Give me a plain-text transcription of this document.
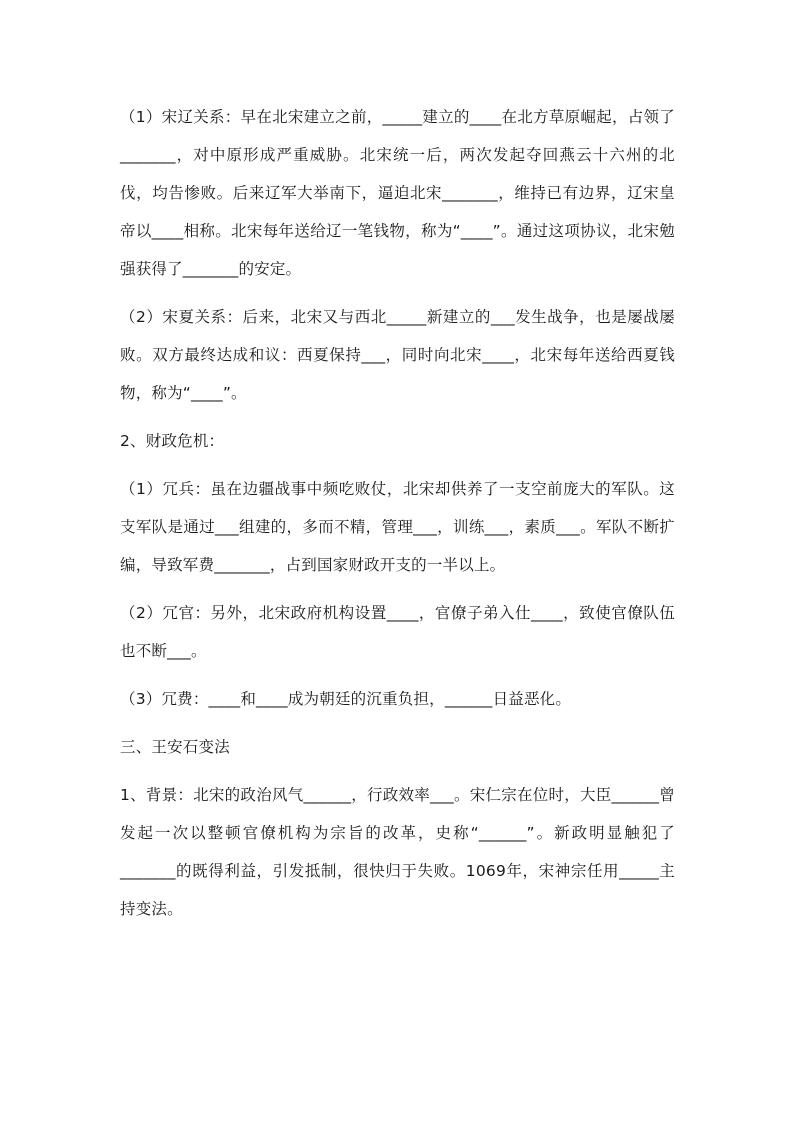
（1）宋辽关系：早在北宋建立之前，_____建立的____在北方草原崛起，占领了_______，对中原形成严重威胁。北宋统一后，两次发起夺回燕云十六州的北伐，均告惨败。后来辽军大举南下，逼迫北宋_______，维持已有边界，辽宋皇帝以____相称。北宋每年送给辽一笔钱物，称为“____”。通过这项协议，北宋勉强获得了_______的安定。

（2）宋夏关系：后来，北宋又与西北_____新建立的___发生战争，也是屡战屡败。双方最终达成和议：西夏保持___，同时向北宋____，北宋每年送给西夏钱物，称为“____”。

2、财政危机：

（1）冗兵：虽在边疆战事中频吃败仗，北宋却供养了一支空前庞大的军队。这支军队是通过___组建的，多而不精，管理___，训练___，素质___。军队不断扩编，导致军费_______，占到国家财政开支的一半以上。

（2）冗官：另外，北宋政府机构设置____，官僚子弟入仕____，致使官僚队伍也不断___。

（3）冗费：____和____成为朝廷的沉重负担，______日益恶化。

三、王安石变法

1、背景：北宋的政治风气______，行政效率___。宋仁宗在位时，大臣______曾发起一次以整顿官僚机构为宗旨的改革，史称“______”。新政明显触犯了_______的既得利益，引发抵制，很快归于失败。1069年，宋神宗任用_____主持变法。
